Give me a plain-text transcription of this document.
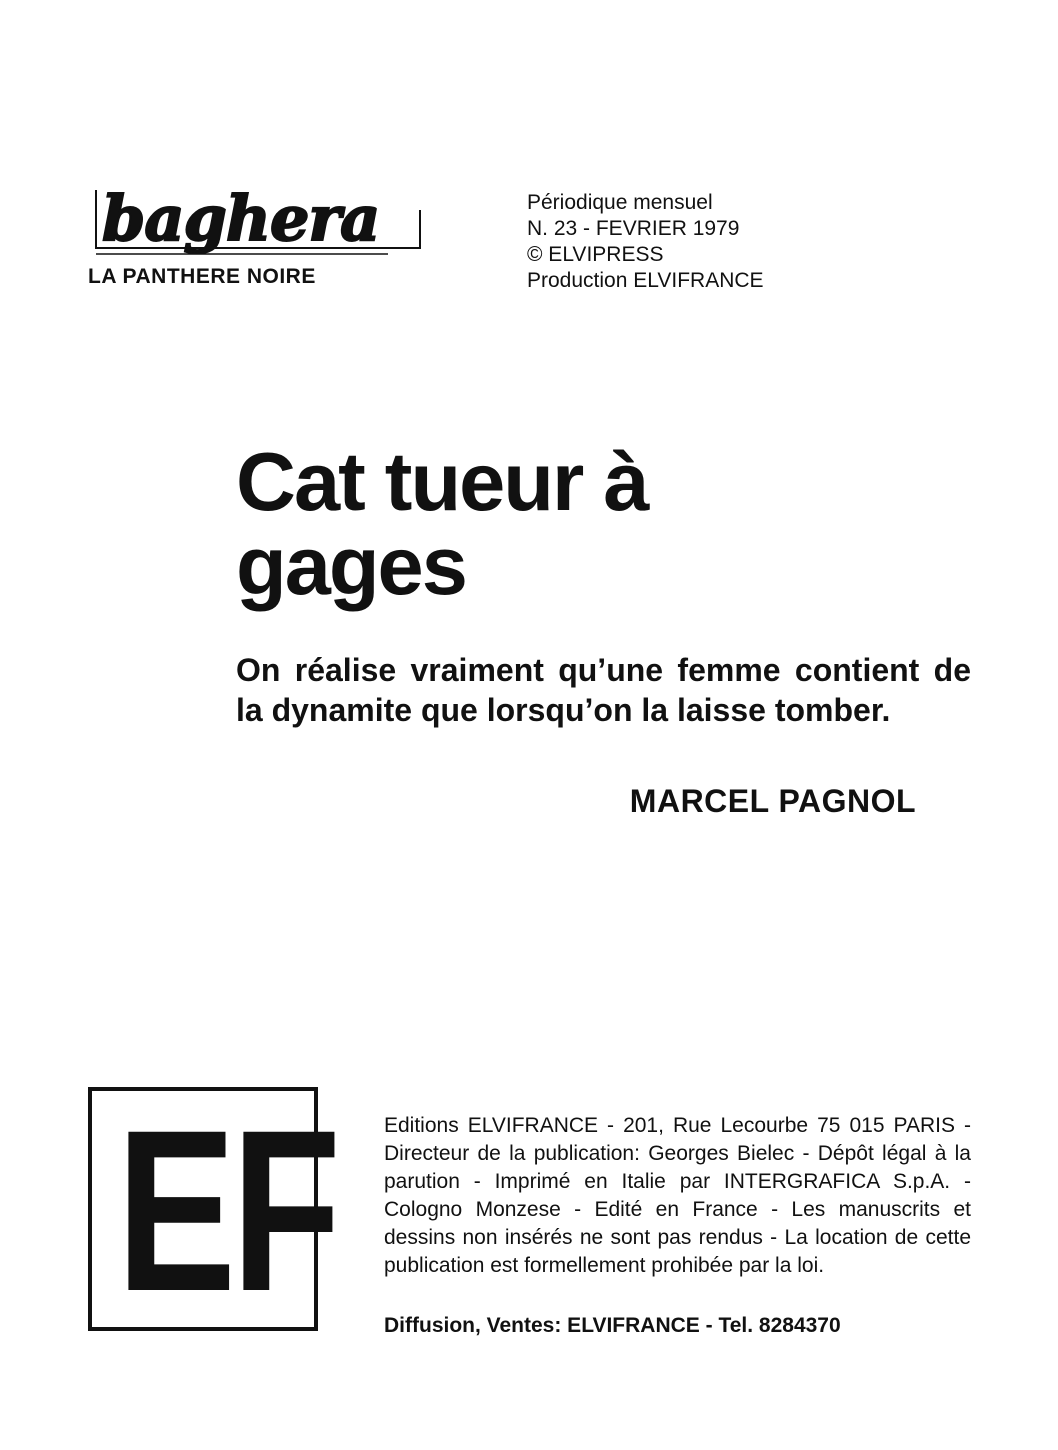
baghera
LA PANTHERE NOIRE
Périodique mensuel
N. 23 - FEVRIER 1979
© ELVIPRESS
Production ELVIFRANCE
Cat tueur à
gages
On réalise vraiment qu’une femme contient de la dynamite que lorsqu’on la laisse tomber.
MARCEL PAGNOL
EF Editions ELVIFRANCE - 201, Rue Lecourbe 75 015 PARIS - Directeur de la publication: Georges Bielec - Dépôt légal à la parution - Imprimé en Italie par INTERGRAFICA S.p.A. - Cologno Monzese - Edité en France - Les manuscrits et dessins non insérés ne sont pas rendus - La location de cette publication est formellement prohibée par la loi.
Diffusion, Ventes: ELVIFRANCE - Tel. 8284370
